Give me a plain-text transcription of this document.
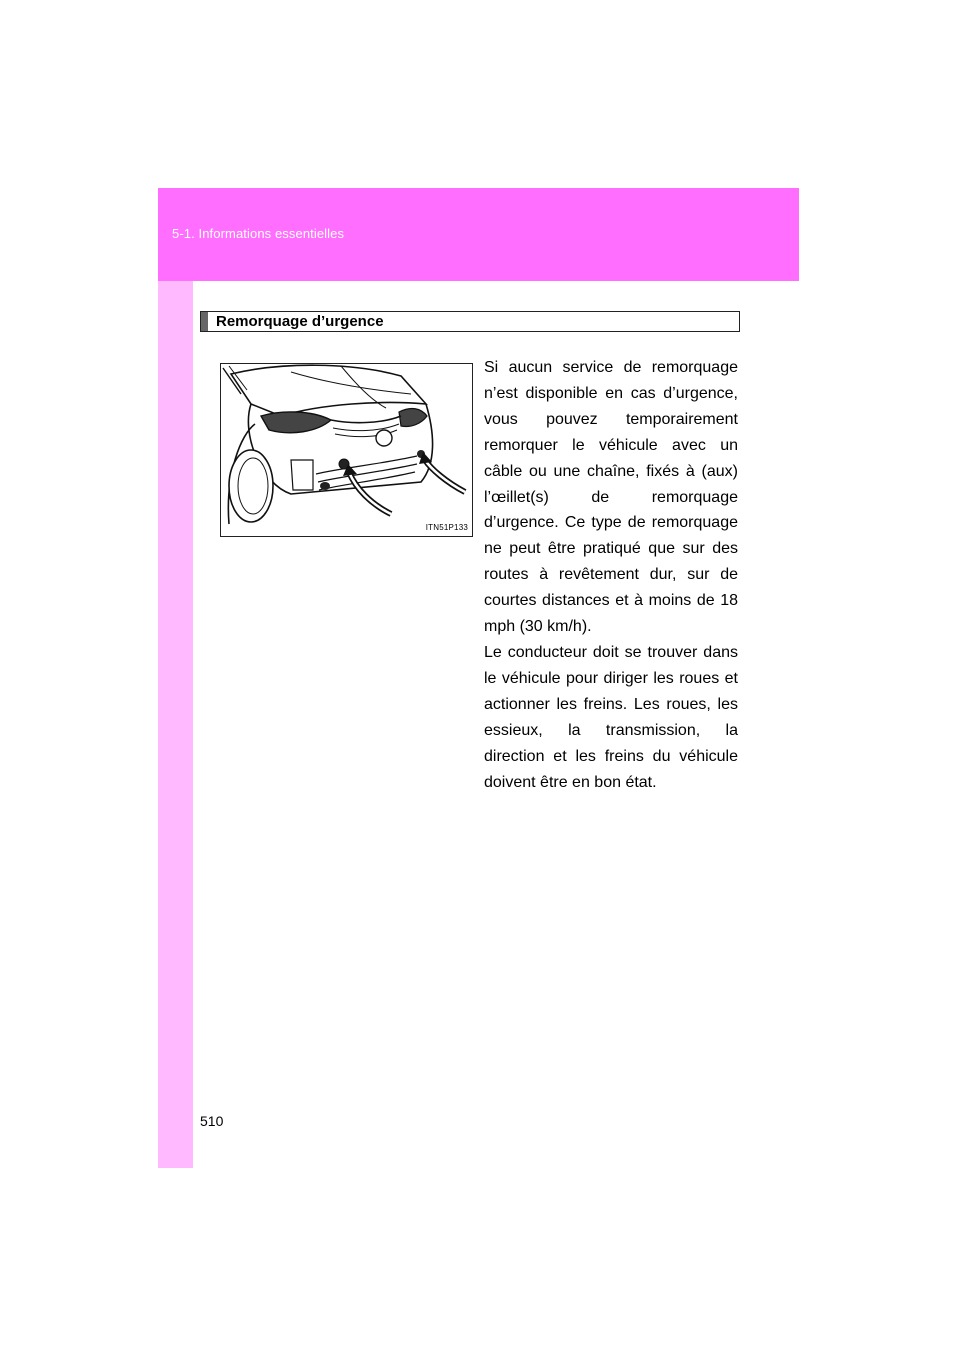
5-1. Informations essentielles
Remorquage d’urgence
ITN51P133

Si aucun service de remorquage n’est disponible en cas d’urgence, vous pouvez temporairement remorquer le véhicule avec un câble ou une chaîne, fixés à (aux) l’œillet(s) de remorquage d’urgence. Ce type de remorquage ne peut être pratiqué que sur des routes à revêtement dur, sur de courtes distances et à moins de 18 mph (30 km/h).

Le conducteur doit se trouver dans le véhicule pour diriger les roues et actionner les freins. Les roues, les essieux, la transmission, la direction et les freins du véhicule doivent être en bon état.

510
